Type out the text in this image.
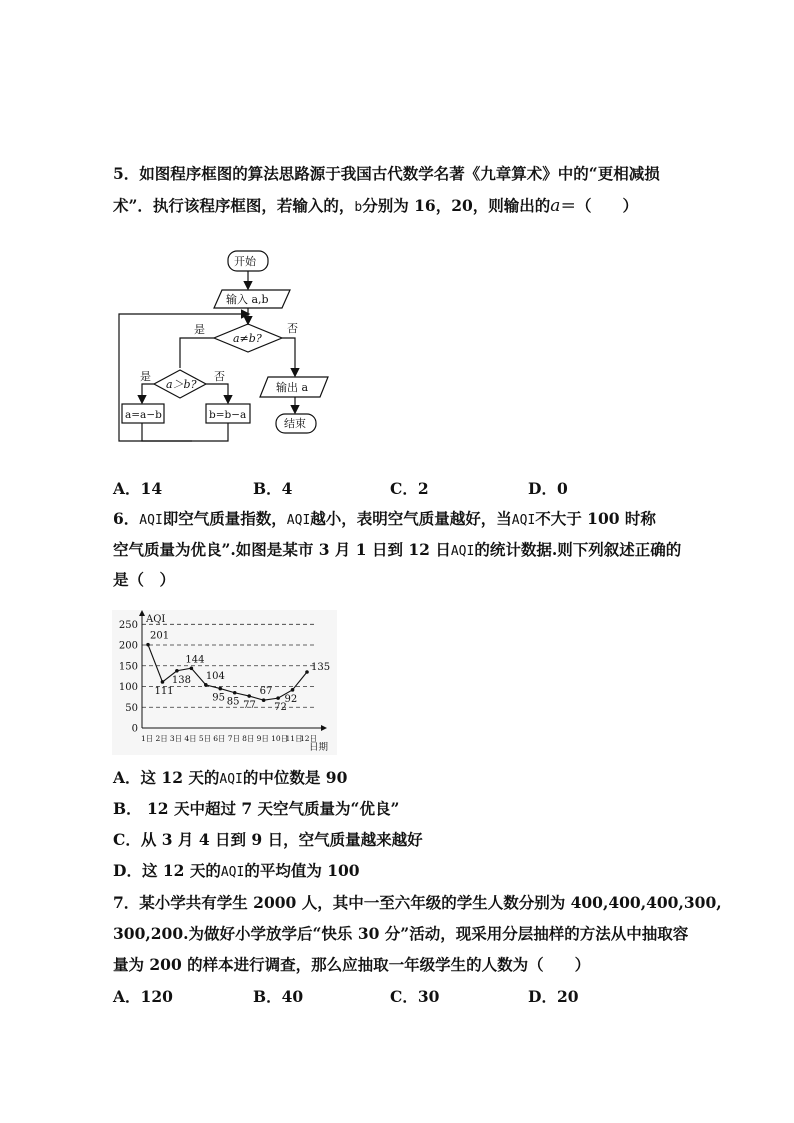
5．如图程序框图的算法思路源于我国古代数学名著《九章算术》中的“更相减损
术”．执行该程序框图，若输入的，b分别为 16，20，则输出的a＝（　　）
开始
输入 a,b
a≠b?
是	否
a＞b?
是	否
a=a−b	b=b−a
输出 a
结束
A．14	B．4	C．2	D．0
6．AQI即空气质量指数，AQI越小，表明空气质量越好，当AQI不大于 100 时称
空气质量为优良”.如图是某市 3 月 1 日到 12 日AQI的统计数据.则下列叙述正确的
是（　）
0
50
100
150
200
250
AQI
日期
1日 2日 3日 4日 5日 6日 7日 8日 9日 10日
11日
12日
201
111
138
144
104
95 85 77
67
72
92
135
A．这 12 天的AQI的中位数是 90
B． 12 天中超过 7 天空气质量为“优良”
C．从 3 月 4 日到 9 日，空气质量越来越好
D．这 12 天的AQI的平均值为 100
7．某小学共有学生 2000 人，其中一至六年级的学生人数分别为 400,400,400,300,
300,200.为做好小学放学后“快乐 30 分”活动，现采用分层抽样的方法从中抽取容
量为 200 的样本进行调查，那么应抽取一年级学生的人数为（　　）
A．120	B．40	C．30	D．20
